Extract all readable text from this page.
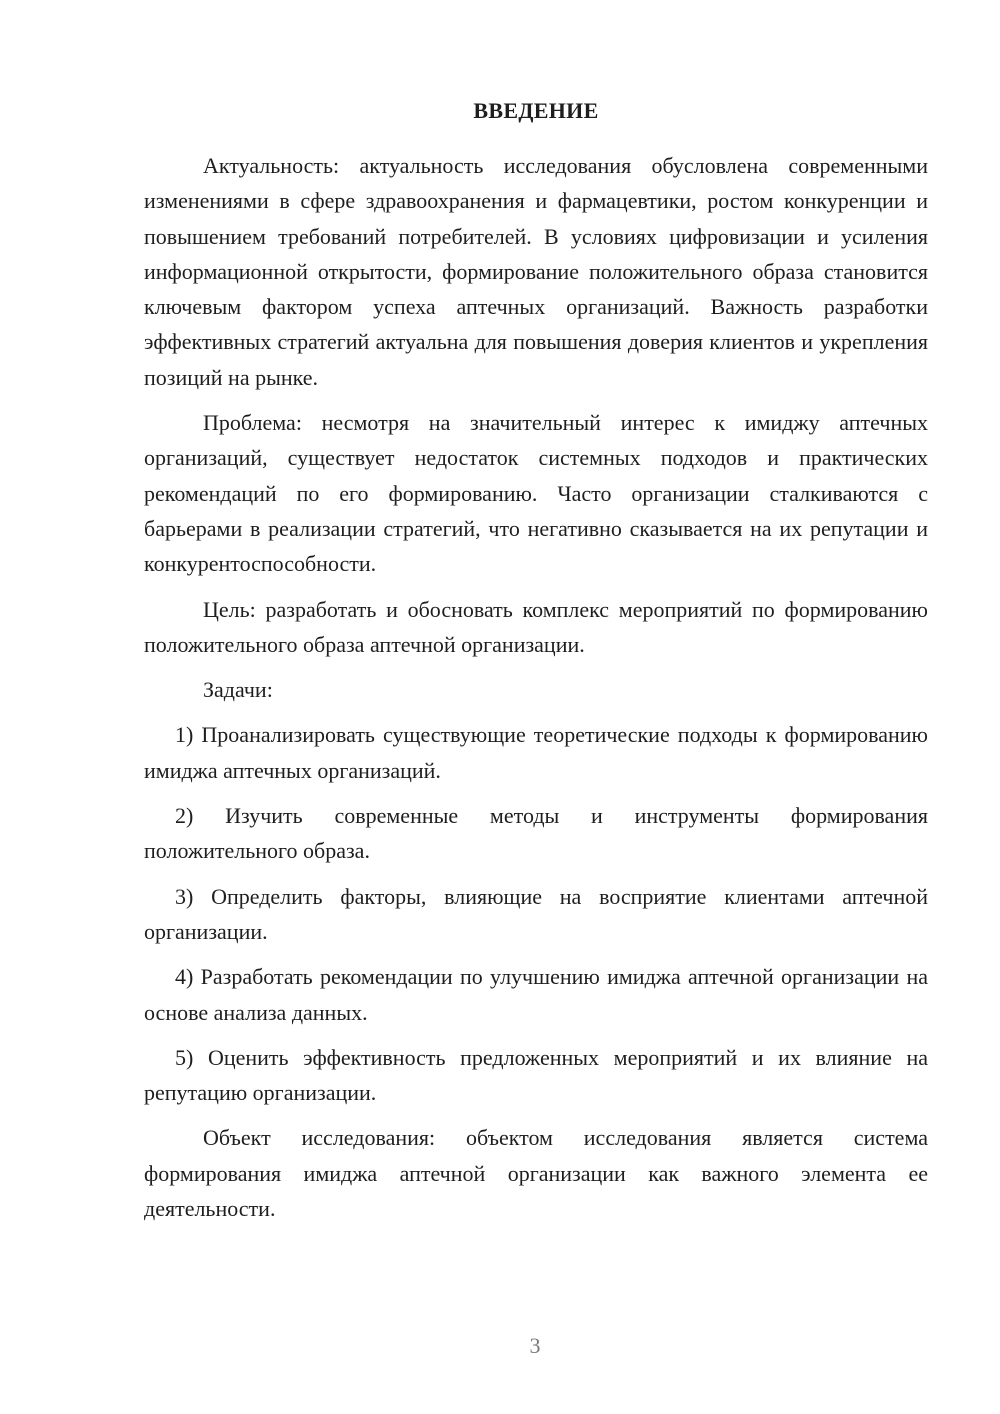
ВВЕДЕНИЕ

Актуальность: актуальность исследования обусловлена современными изменениями в сфере здравоохранения и фармацевтики, ростом конкуренции и повышением требований потребителей. В условиях цифровизации и усиления информационной открытости, формирование положительного образа становится ключевым фактором успеха аптечных организаций. Важность разработки эффективных стратегий актуальна для повышения доверия клиентов и укрепления позиций на рынке.

Проблема: несмотря на значительный интерес к имиджу аптечных организаций, существует недостаток системных подходов и практических рекомендаций по его формированию. Часто организации сталкиваются с барьерами в реализации стратегий, что негативно сказывается на их репутации и конкурентоспособности.

Цель: разработать и обосновать комплекс мероприятий по формированию положительного образа аптечной организации.

Задачи:

1) Проанализировать существующие теоретические подходы к формированию имиджа аптечных организаций.

2) Изучить современные методы и инструменты формирования положительного образа.

3) Определить факторы, влияющие на восприятие клиентами аптечной организации.

4) Разработать рекомендации по улучшению имиджа аптечной организации на основе анализа данных.

5) Оценить эффективность предложенных мероприятий и их влияние на репутацию организации.

Объект исследования: объектом исследования является система формирования имиджа аптечной организации как важного элемента ее деятельности.

3
